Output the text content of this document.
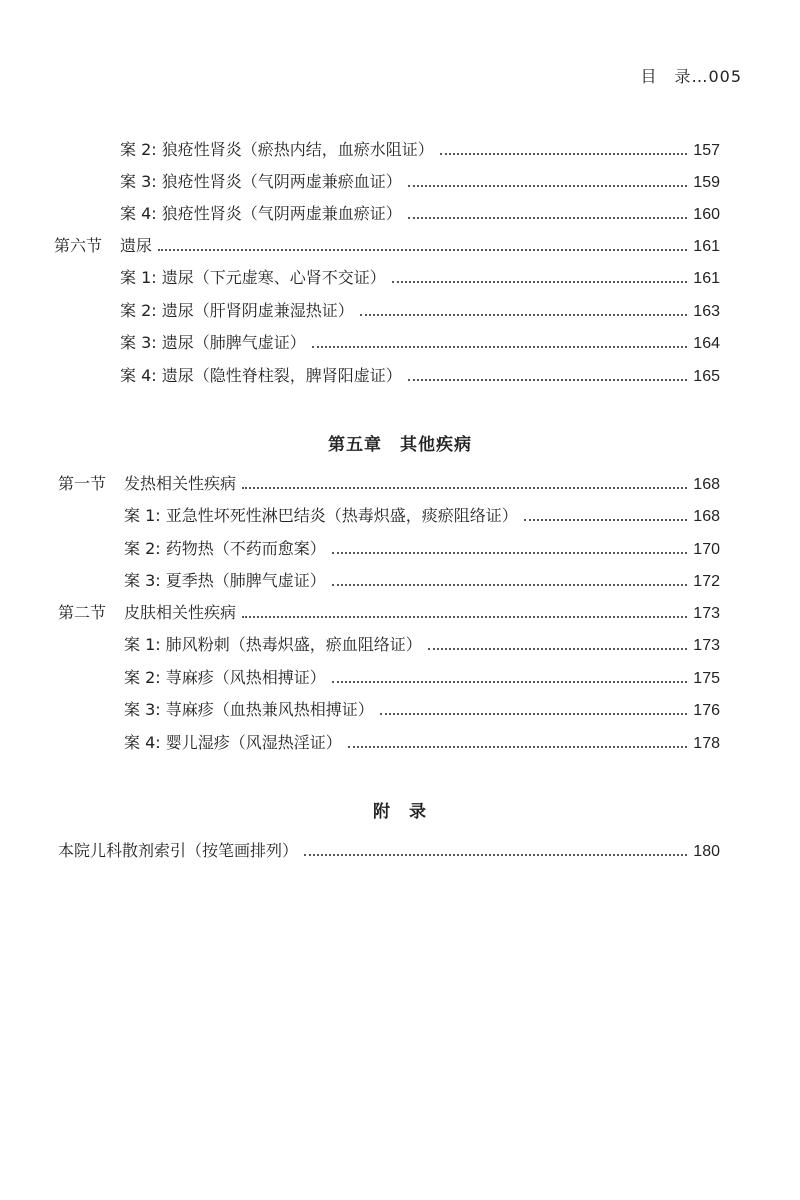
目　录…005
案 2: 狼疮性肾炎（瘀热内结，血瘀水阻证）	157
案 3: 狼疮性肾炎（气阴两虚兼瘀血证）	159
案 4: 狼疮性肾炎（气阴两虚兼血瘀证）	160
第六节 遗尿	161
案 1: 遗尿（下元虚寒、心肾不交证）	161
案 2: 遗尿（肝肾阴虚兼湿热证）	163
案 3: 遗尿（肺脾气虚证）	164
案 4: 遗尿（隐性脊柱裂，脾肾阳虚证）	165
第五章　其他疾病
第一节 发热相关性疾病	168
案 1: 亚急性坏死性淋巴结炎（热毒炽盛，痰瘀阻络证）	168
案 2: 药物热（不药而愈案）	170
案 3: 夏季热（肺脾气虚证）	172
第二节 皮肤相关性疾病	173
案 1: 肺风粉刺（热毒炽盛，瘀血阻络证）	173
案 2: 荨麻疹（风热相搏证）	175
案 3: 荨麻疹（血热兼风热相搏证）	176
案 4: 婴儿湿疹（风湿热淫证）	178
附　录
本院儿科散剂索引（按笔画排列）	180
